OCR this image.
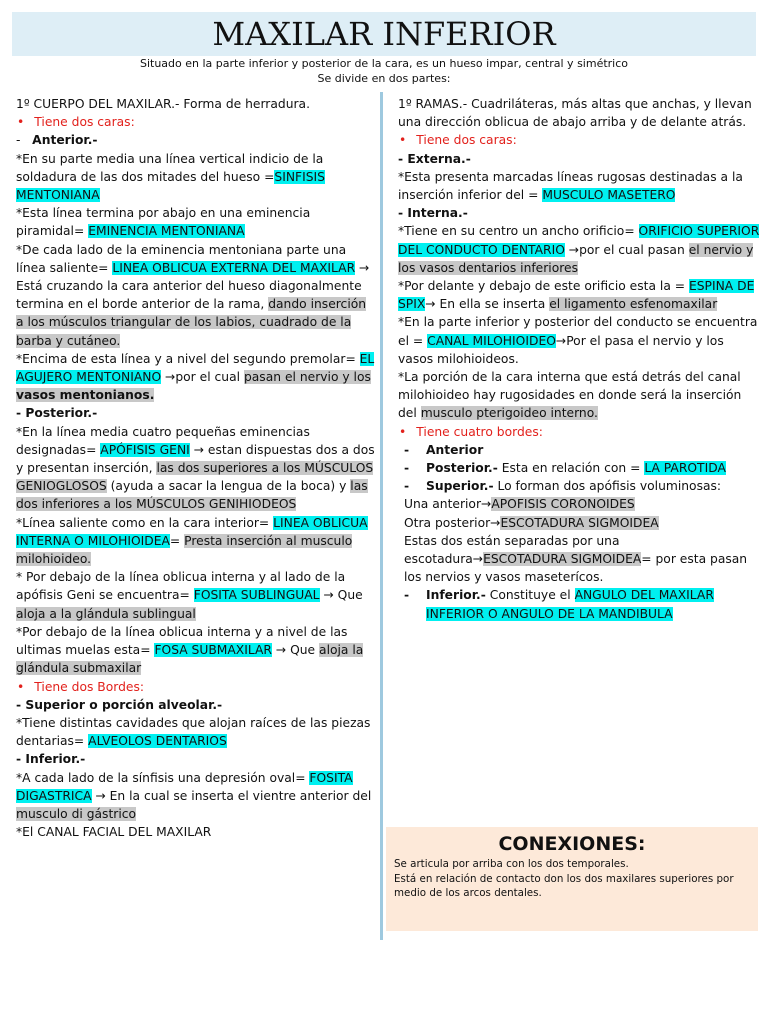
MAXILAR INFERIOR
Situado en la parte inferior y posterior de la cara, es un hueso impar, central y simétrico
Se divide en dos partes:

1º CUERPO DEL MAXILAR.- Forma de herradura.

• Tiene dos caras:

-   Anterior.-

*En su parte media una línea vertical indicio de la soldadura de las dos mitades del hueso =SINFISIS MENTONIANA

*Esta línea termina por abajo en una eminencia piramidal= EMINENCIA MENTONIANA

*De cada lado de la eminencia mentoniana parte una línea saliente= LINEA OBLICUA EXTERNA DEL MAXILAR → Está cruzando la cara anterior del hueso diagonalmente termina en el borde anterior de la rama, dando inserción a los músculos triangular de los labios, cuadrado de la barba y cutáneo.

*Encima de esta línea y a nivel del segundo premolar= EL AGUJERO MENTONIANO →por el cual pasan el nervio y los vasos mentonianos.

- Posterior.-

*En la línea media cuatro pequeñas eminencias designadas= APÓFISIS GENI → estan dispuestas dos a dos y presentan inserción, las dos superiores a los MÚSCULOS GENIOGLOSOS (ayuda a sacar la lengua de la boca) y las dos inferiores a los MÚSCULOS GENIHIODEOS

*Línea saliente como en la cara interior= LINEA OBLICUA INTERNA O MILOHIOIDEA= Presta inserción al musculo milohioideo.

* Por debajo de la línea oblicua interna y al lado de la apófisis Geni se encuentra= FOSITA SUBLINGUAL → Que aloja a la glándula sublingual

*Por debajo de la línea oblicua interna y a nivel de las ultimas muelas esta= FOSA SUBMAXILAR → Que aloja la glándula submaxilar

• Tiene dos Bordes:

- Superior o porción alveolar.-

*Tiene distintas cavidades que alojan raíces de las piezas dentarias= ALVEOLOS DENTARIOS

- Inferior.-

*A cada lado de la sínfisis una depresión oval= FOSITA DIGASTRICA → En la cual se inserta el vientre anterior del musculo di gástrico

*El CANAL FACIAL DEL MAXILAR

1º RAMAS.- Cuadriláteras, más altas que anchas, y llevan una dirección oblicua de abajo arriba y de delante atrás.

• Tiene dos caras:

- Externa.-

*Esta presenta marcadas líneas rugosas destinadas a la inserción inferior del = MUSCULO MASETERO

- Interna.-

*Tiene en su centro un ancho orificio= ORIFICIO SUPERIOR DEL CONDUCTO DENTARIO →por el cual pasan el nervio y los vasos dentarios inferiores

*Por delante y debajo de este orificio esta la = ESPINA DE SPIX→ En ella se inserta el ligamento esfenomaxilar

*En la parte inferior y posterior del conducto se encuentra el = CANAL MILOHIOIDEO→Por el pasa el nervio y los vasos milohioideos.

*La porción de la cara interna que está detrás del canal milohioideo hay rugosidades en donde será la inserción del musculo pterigoideo interno.

• Tiene cuatro bordes:

- Anterior
- Posterior.- Esta en relación con = LA PAROTIDA
- Superior.- Lo forman dos apófisis voluminosas:

Una anterior→APOFISIS CORONOIDES

Otra posterior→ESCOTADURA SIGMOIDEA

Estas dos están separadas por una escotadura→ESCOTADURA SIGMOIDEA= por esta pasan los nervios y vasos maseterícos.

- Inferior.- Constituye el ANGULO DEL MAXILAR INFERIOR O ANGULO DE LA MANDIBULA
CONEXIONES:
Se articula por arriba con los dos temporales.
Está en relación de contacto don los dos maxilares superiores por medio de los arcos dentales.
